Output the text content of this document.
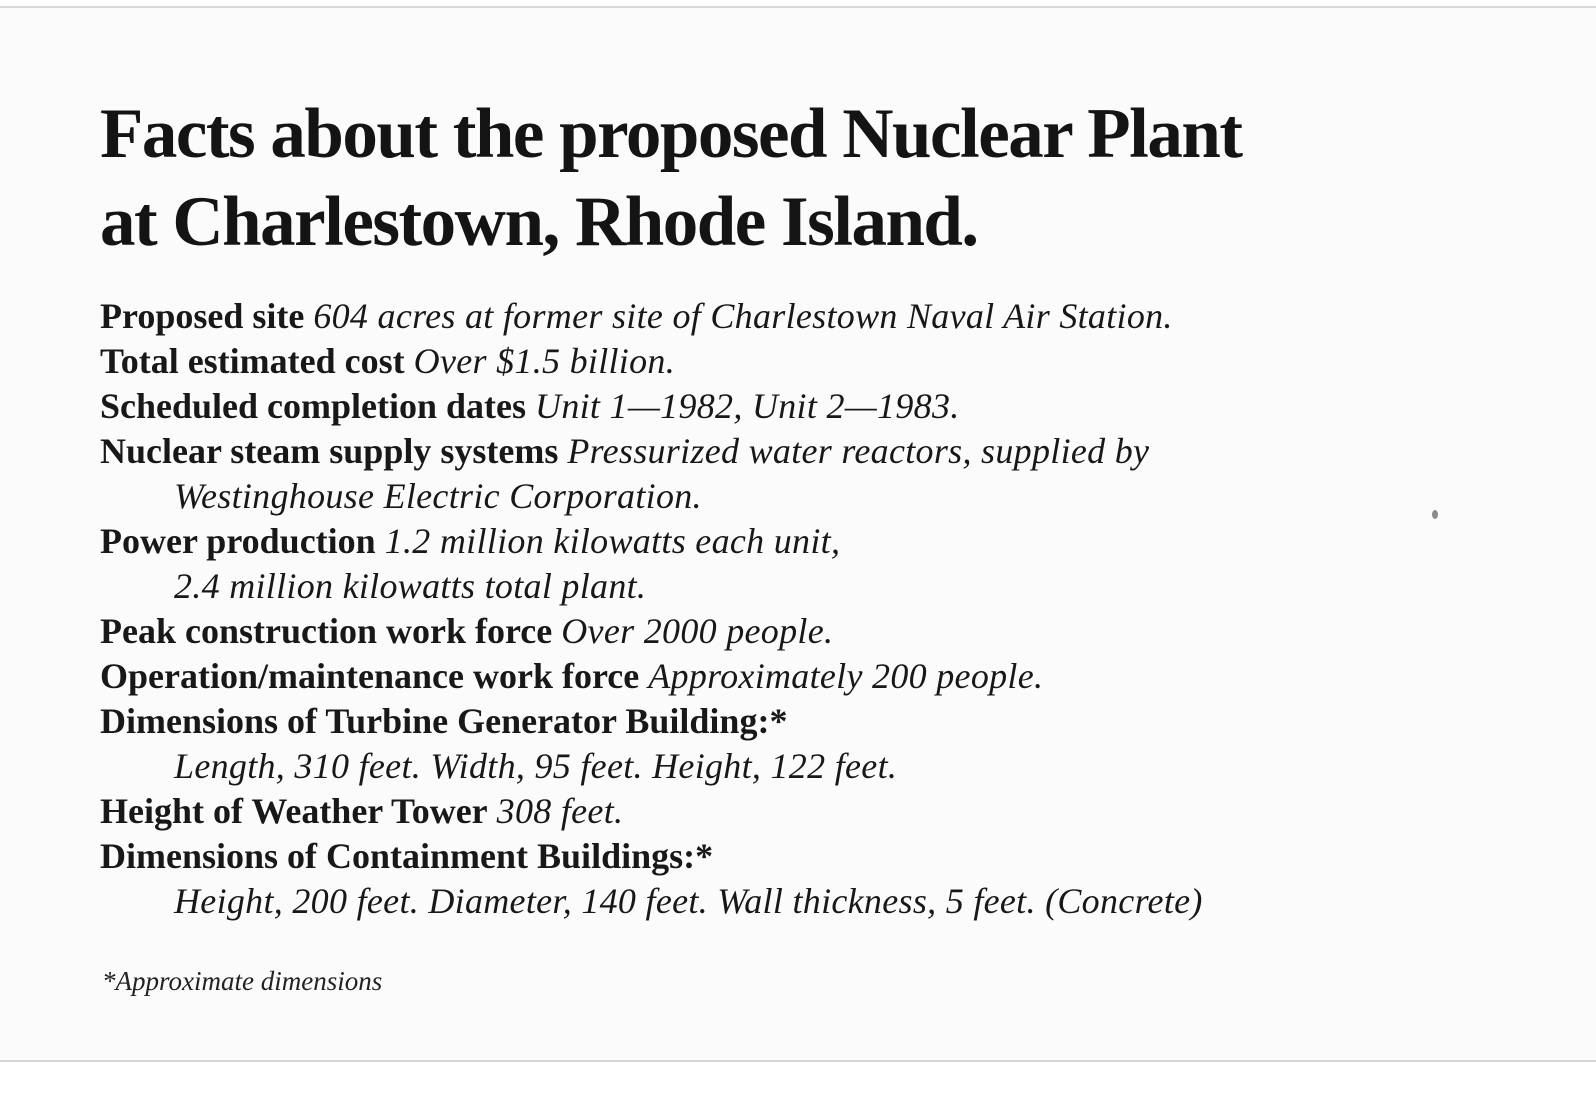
Facts about the proposed Nuclear Plant
at Charlestown, Rhode Island.
Proposed site 604 acres at former site of Charlestown Naval Air Station.
Total estimated cost Over $1.5 billion.
Scheduled completion dates Unit 1—1982, Unit 2—1983.
Nuclear steam supply systems Pressurized water reactors, supplied by
Westinghouse Electric Corporation.
Power production 1.2 million kilowatts each unit,
2.4 million kilowatts total plant.
Peak construction work force Over 2000 people.
Operation/maintenance work force Approximately 200 people.
Dimensions of Turbine Generator Building:*
Length, 310 feet. Width, 95 feet. Height, 122 feet.
Height of Weather Tower 308 feet.
Dimensions of Containment Buildings:*
Height, 200 feet. Diameter, 140 feet. Wall thickness, 5 feet. (Concrete)
*Approximate dimensions
